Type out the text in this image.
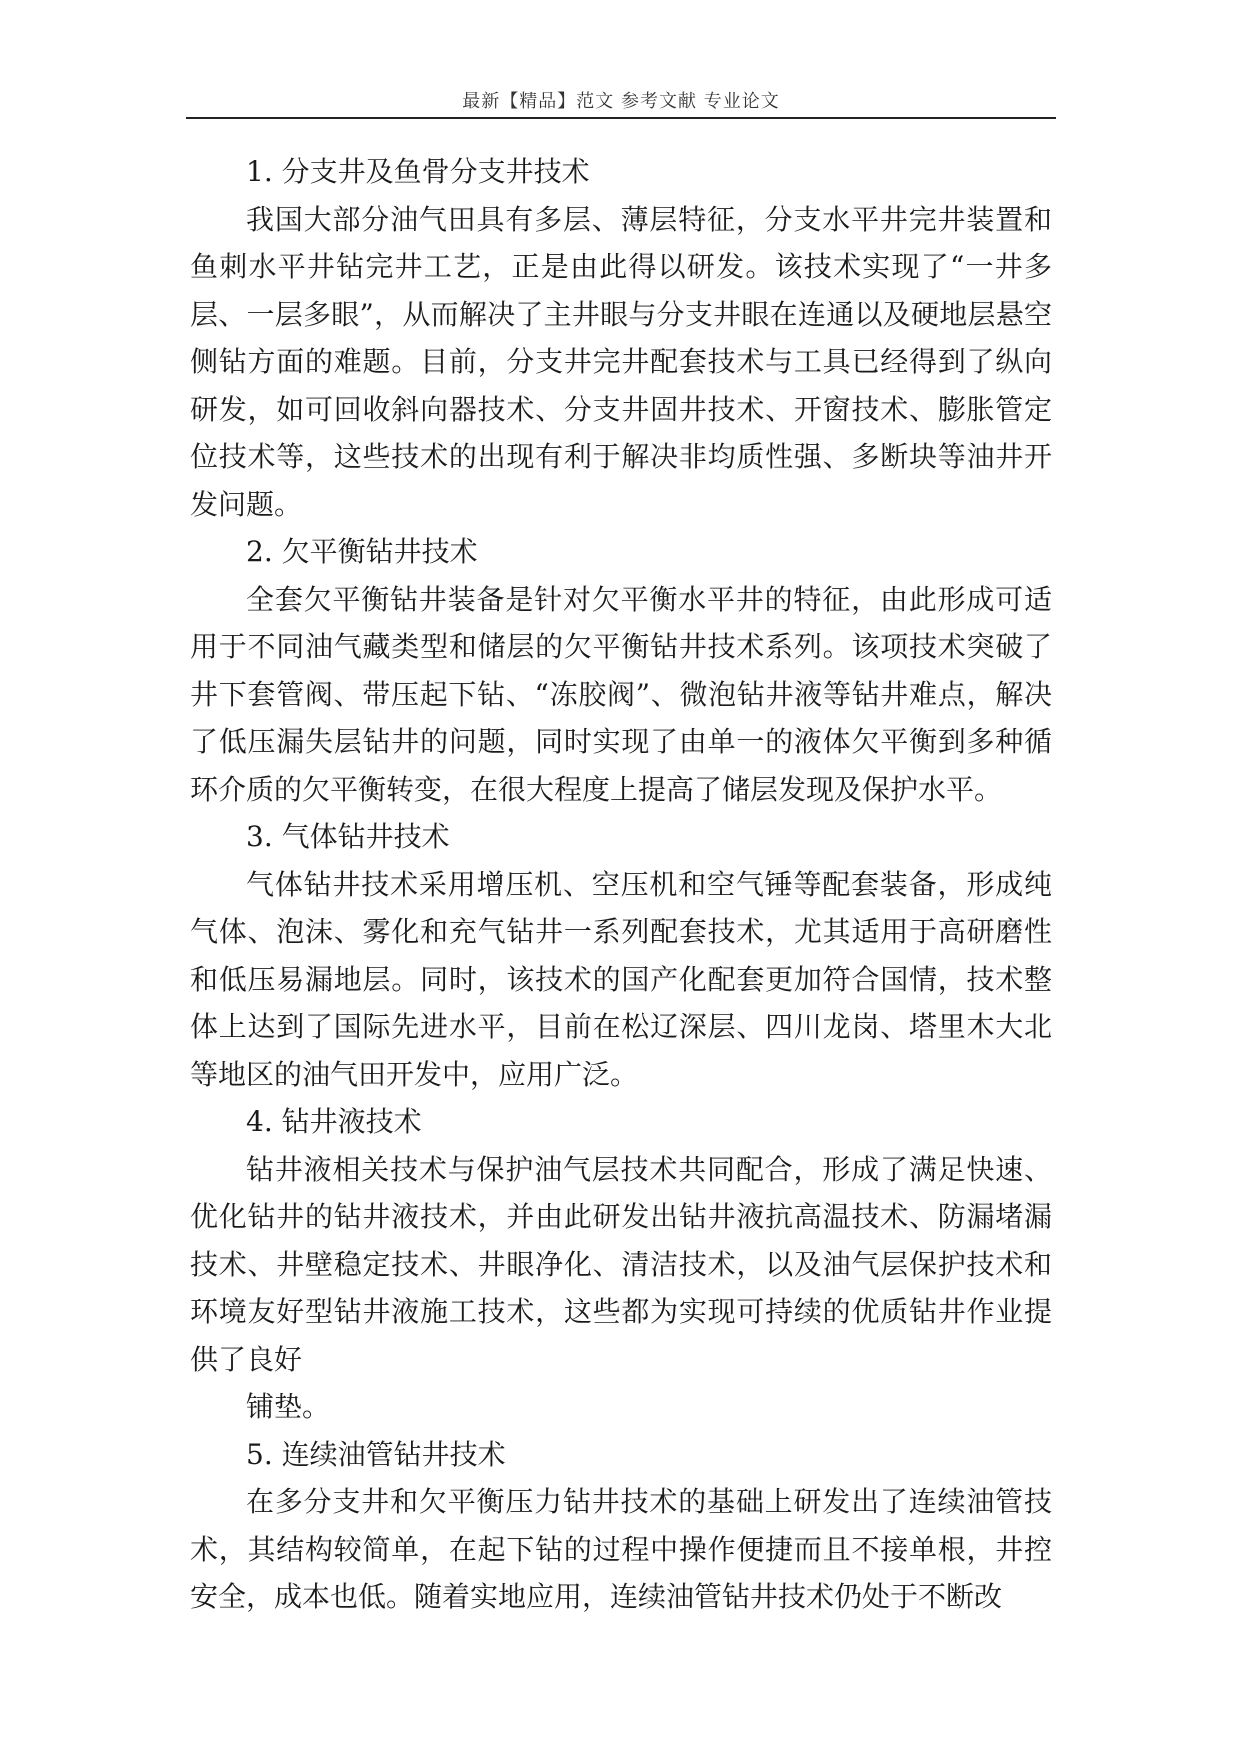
最新【精品】范文 参考文献 专业论文

1. 分支井及鱼骨分支井技术

我国大部分油气田具有多层、薄层特征，分支水平井完井装置和鱼刺水平井钻完井工艺，正是由此得以研发。该技术实现了“一井多层、一层多眼”，从而解决了主井眼与分支井眼在连通以及硬地层悬空侧钻方面的难题。目前，分支井完井配套技术与工具已经得到了纵向研发，如可回收斜向器技术、分支井固井技术、开窗技术、膨胀管定位技术等，这些技术的出现有利于解决非均质性强、多断块等油井开发问题。

2. 欠平衡钻井技术

全套欠平衡钻井装备是针对欠平衡水平井的特征，由此形成可适用于不同油气藏类型和储层的欠平衡钻井技术系列。该项技术突破了井下套管阀、带压起下钻、“冻胶阀”、微泡钻井液等钻井难点，解决了低压漏失层钻井的问题，同时实现了由单一的液体欠平衡到多种循环介质的欠平衡转变，在很大程度上提高了储层发现及保护水平。

3. 气体钻井技术

气体钻井技术采用增压机、空压机和空气锤等配套装备，形成纯气体、泡沫、雾化和充气钻井一系列配套技术，尤其适用于高研磨性和低压易漏地层。同时，该技术的国产化配套更加符合国情，技术整体上达到了国际先进水平，目前在松辽深层、四川龙岗、塔里木大北等地区的油气田开发中，应用广泛。

4. 钻井液技术

钻井液相关技术与保护油气层技术共同配合，形成了满足快速、优化钻井的钻井液技术，并由此研发出钻井液抗高温技术、防漏堵漏技术、井壁稳定技术、井眼净化、清洁技术，以及油气层保护技术和环境友好型钻井液施工技术，这些都为实现可持续的优质钻井作业提供了良好

铺垫。

5. 连续油管钻井技术

在多分支井和欠平衡压力钻井技术的基础上研发出了连续油管技术，其结构较简单，在起下钻的过程中操作便捷而且不接单根，井控安全，成本也低。随着实地应用，连续油管钻井技术仍处于不断改
